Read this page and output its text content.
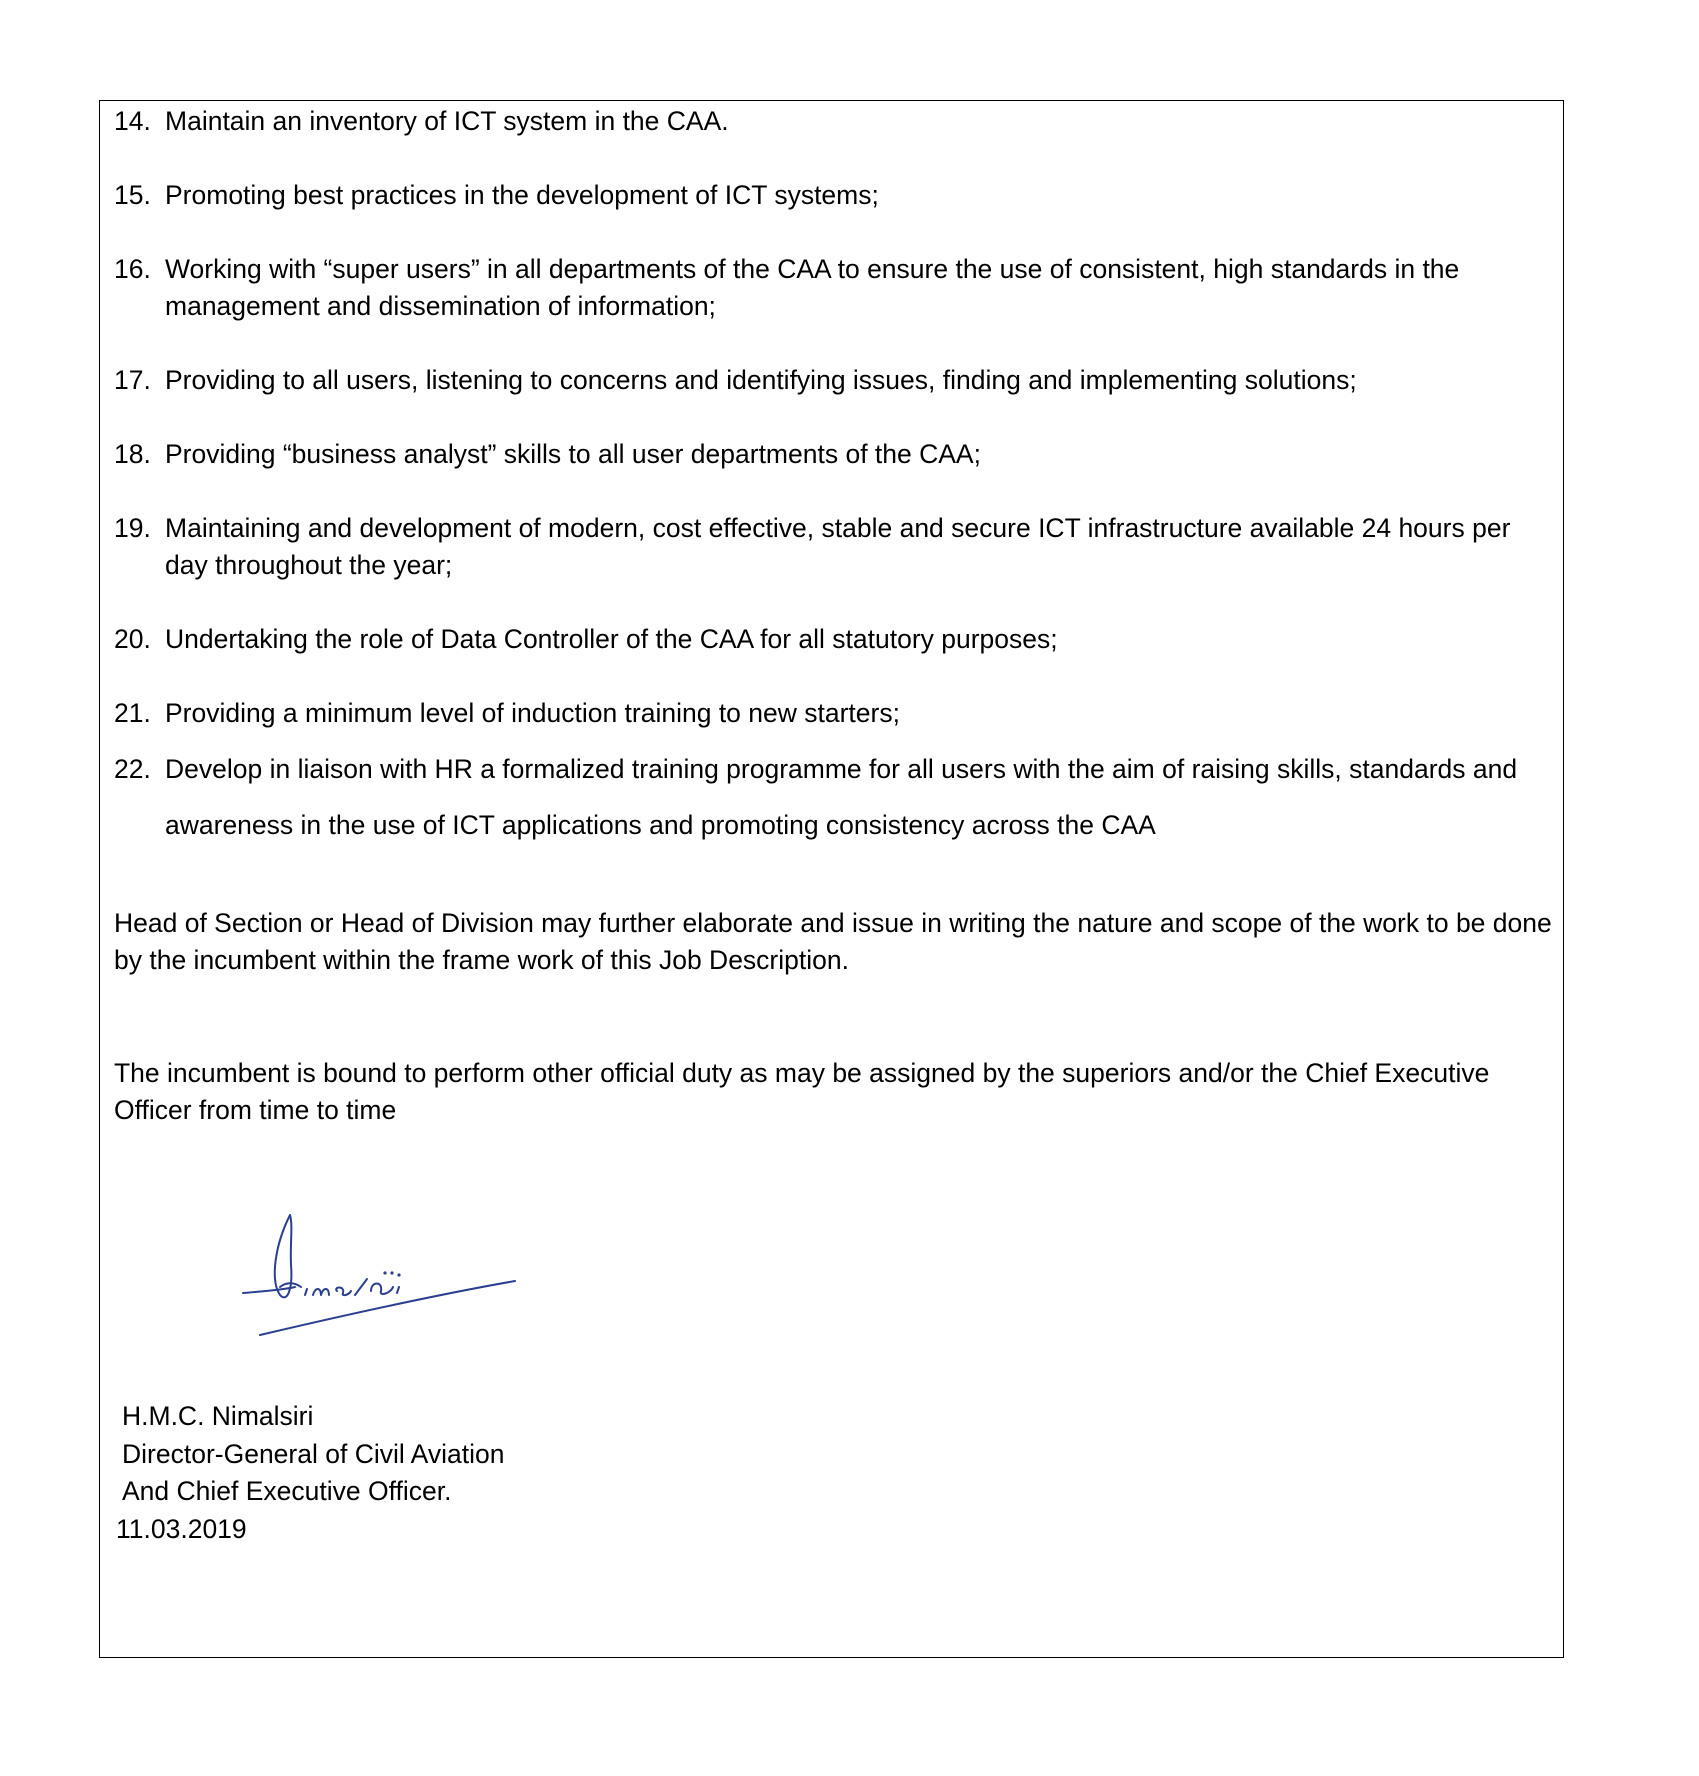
14. Maintain an inventory of ICT system in the CAA.
15. Promoting best practices in the development of ICT systems;
16. Working with “super users” in all departments of the CAA to ensure the use of consistent, high standards in the management and dissemination of information;
17. Providing to all users, listening to concerns and identifying issues, finding and implementing solutions;
18. Providing “business analyst” skills to all user departments of the CAA;
19. Maintaining and development of modern, cost effective, stable and secure ICT infrastructure available 24 hours per day throughout the year;
20. Undertaking the role of Data Controller of the CAA for all statutory purposes;
21. Providing a minimum level of induction training to new starters;
22. Develop in liaison with HR a formalized training programme for all users with the aim of raising skills, standards and awareness in the use of ICT applications and promoting consistency across the CAA

Head of Section or Head of Division may further elaborate and issue in writing the nature and scope of the work to be done by the incumbent within the frame work of this Job Description.

The incumbent is bound to perform other official duty as may be assigned by the superiors and/or the Chief Executive Officer from time to time

H.M.C. Nimalsiri
Director-General of Civil Aviation
And Chief Executive Officer.
11.03.2019
